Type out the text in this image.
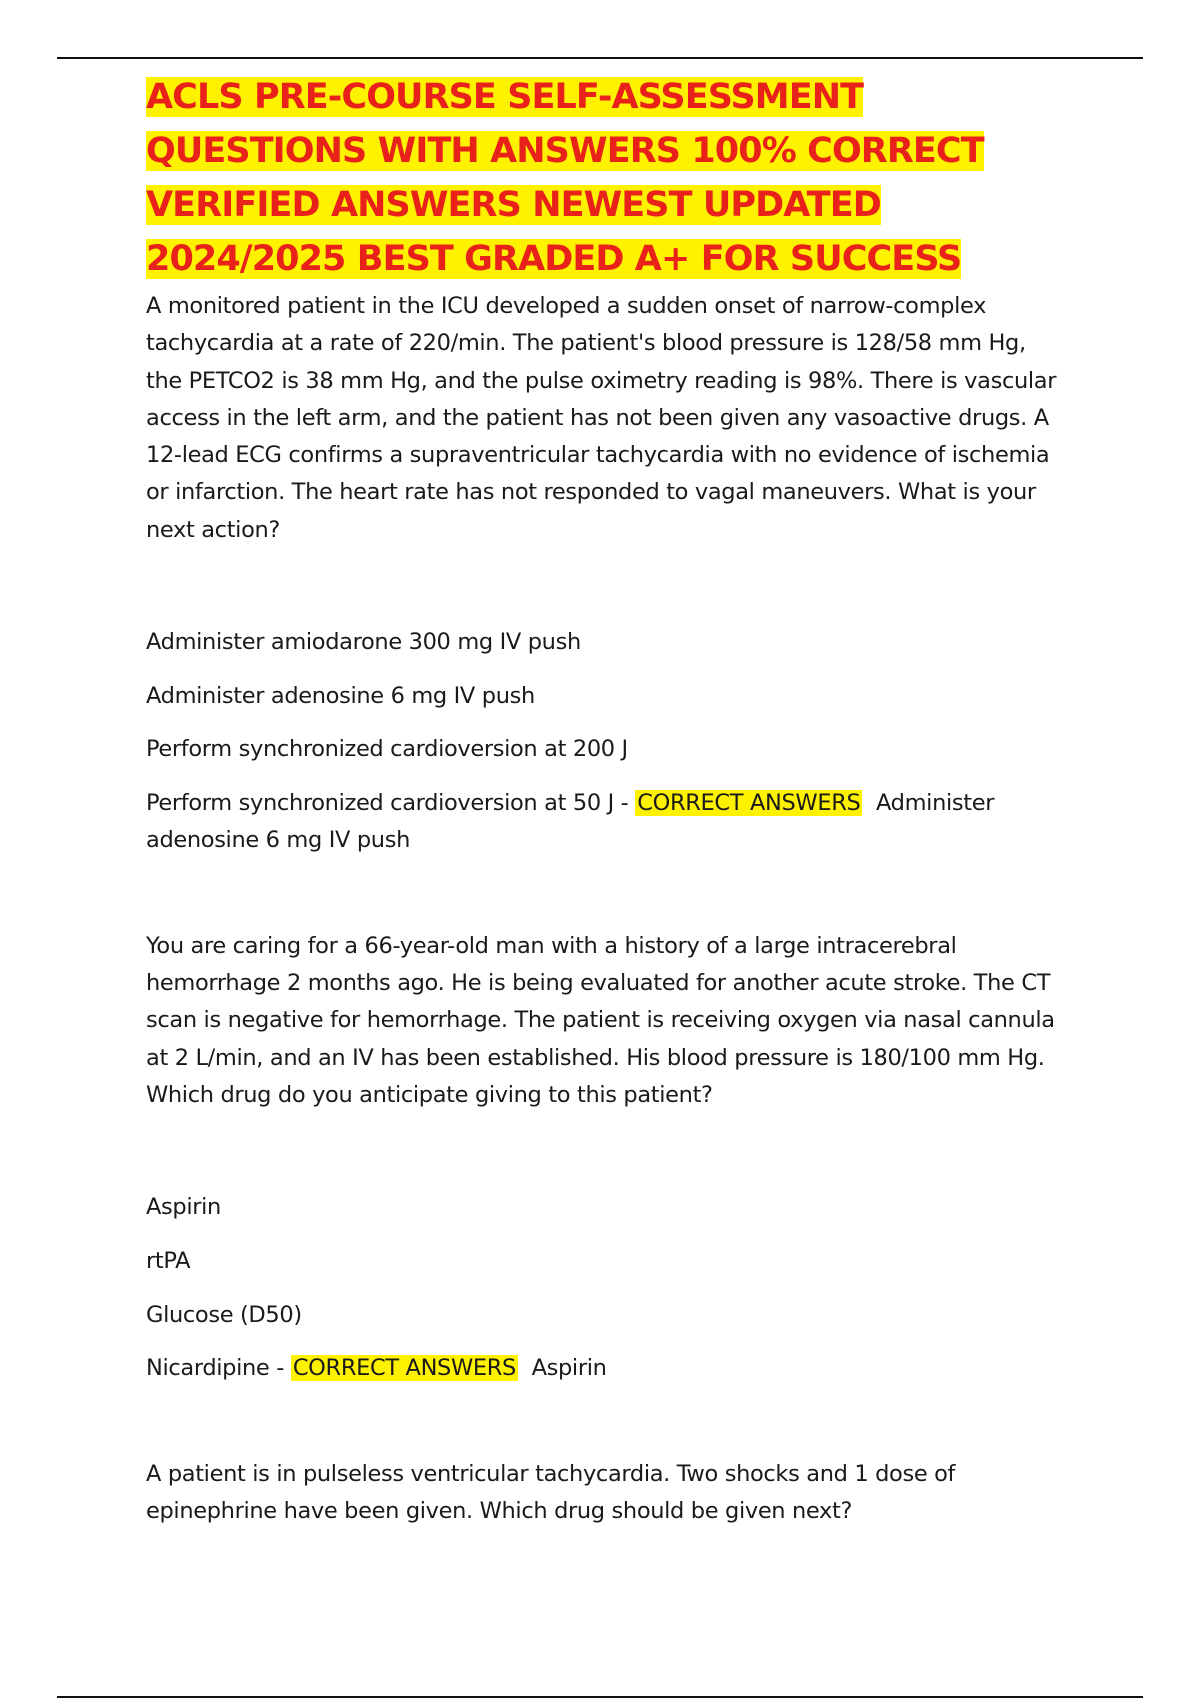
ACLS PRE-COURSE SELF-ASSESSMENT QUESTIONS WITH ANSWERS 100% CORRECT VERIFIED ANSWERS NEWEST UPDATED 2024/2025 BEST GRADED A+ FOR SUCCESS

A monitored patient in the ICU developed a sudden onset of narrow-complex tachycardia at a rate of 220/min. The patient's blood pressure is 128/58 mm Hg, the PETCO2 is 38 mm Hg, and the pulse oximetry reading is 98%. There is vascular access in the left arm, and the patient has not been given any vasoactive drugs. A 12-lead ECG confirms a supraventricular tachycardia with no evidence of ischemia or infarction. The heart rate has not responded to vagal maneuvers. What is your next action?

Administer amiodarone 300 mg IV push
Administer adenosine 6 mg IV push
Perform synchronized cardioversion at 200 J
Perform synchronized cardioversion at 50 J - CORRECT ANSWERS Administer adenosine 6 mg IV push

You are caring for a 66-year-old man with a history of a large intracerebral hemorrhage 2 months ago. He is being evaluated for another acute stroke. The CT scan is negative for hemorrhage. The patient is receiving oxygen via nasal cannula at 2 L/min, and an IV has been established. His blood pressure is 180/100 mm Hg. Which drug do you anticipate giving to this patient?

Aspirin
rtPA
Glucose (D50)
Nicardipine - CORRECT ANSWERS Aspirin

A patient is in pulseless ventricular tachycardia. Two shocks and 1 dose of epinephrine have been given. Which drug should be given next?
